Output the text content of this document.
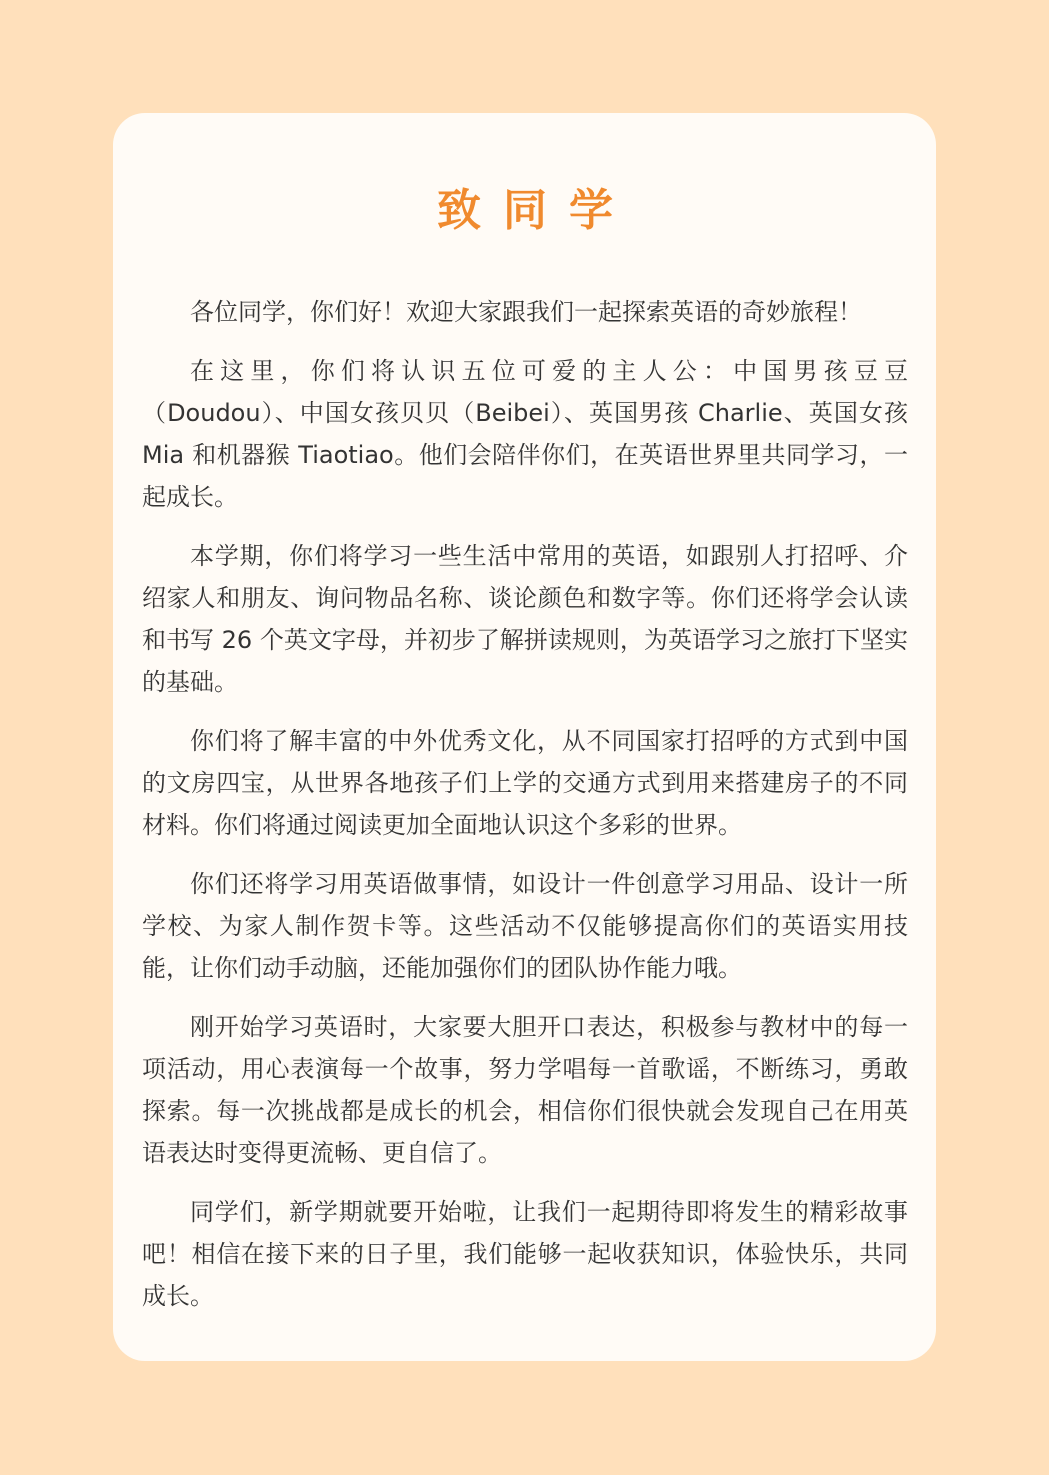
致同学

各位同学，你们好！欢迎大家跟我们一起探索英语的奇妙旅程！

在这里，你们将认识五位可爱的主人公：中国男孩豆豆（Doudou）、中国女孩贝贝（Beibei）、英国男孩 Charlie、英国女孩 Mia 和机器猴 Tiaotiao。他们会陪伴你们，在英语世界里共同学习，一起成长。

本学期，你们将学习一些生活中常用的英语，如跟别人打招呼、介绍家人和朋友、询问物品名称、谈论颜色和数字等。你们还将学会认读和书写 26 个英文字母，并初步了解拼读规则，为英语学习之旅打下坚实的基础。

你们将了解丰富的中外优秀文化，从不同国家打招呼的方式到中国的文房四宝，从世界各地孩子们上学的交通方式到用来搭建房子的不同材料。你们将通过阅读更加全面地认识这个多彩的世界。

你们还将学习用英语做事情，如设计一件创意学习用品、设计一所学校、为家人制作贺卡等。这些活动不仅能够提高你们的英语实用技能，让你们动手动脑，还能加强你们的团队协作能力哦。

刚开始学习英语时，大家要大胆开口表达，积极参与教材中的每一项活动，用心表演每一个故事，努力学唱每一首歌谣，不断练习，勇敢探索。每一次挑战都是成长的机会，相信你们很快就会发现自己在用英语表达时变得更流畅、更自信了。

同学们，新学期就要开始啦，让我们一起期待即将发生的精彩故事吧！相信在接下来的日子里，我们能够一起收获知识，体验快乐，共同成长。
